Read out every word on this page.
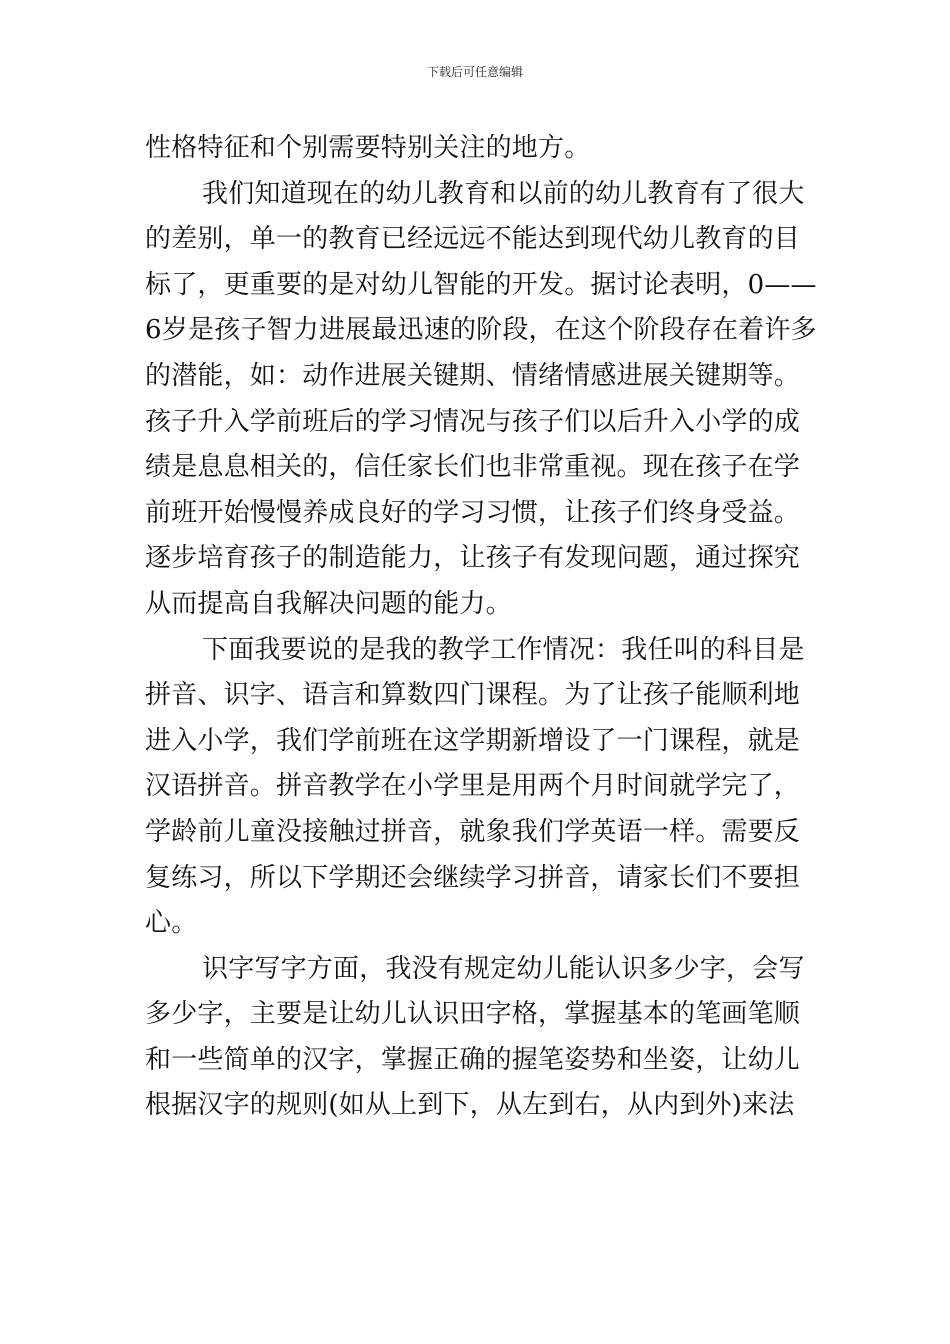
下载后可任意编辑
性格特征和个别需要特别关注的地方。
我们知道现在的幼儿教育和以前的幼儿教育有了很大
的差别，单一的教育已经远远不能达到现代幼儿教育的目
标了，更重要的是对幼儿智能的开发。据讨论表明，0——
6岁是孩子智力进展最迅速的阶段，在这个阶段存在着许多
的潜能，如：动作进展关键期、情绪情感进展关键期等。
孩子升入学前班后的学习情况与孩子们以后升入小学的成
绩是息息相关的，信任家长们也非常重视。现在孩子在学
前班开始慢慢养成良好的学习习惯，让孩子们终身受益。
逐步培育孩子的制造能力，让孩子有发现问题，通过探究
从而提高自我解决问题的能力。
下面我要说的是我的教学工作情况：我任叫的科目是
拼音、识字、语言和算数四门课程。为了让孩子能顺利地
进入小学，我们学前班在这学期新增设了一门课程，就是
汉语拼音。拼音教学在小学里是用两个月时间就学完了，
学龄前儿童没接触过拼音，就象我们学英语一样。需要反
复练习，所以下学期还会继续学习拼音，请家长们不要担
心。
识字写字方面，我没有规定幼儿能认识多少字，会写
多少字，主要是让幼儿认识田字格，掌握基本的笔画笔顺
和一些简单的汉字，掌握正确的握笔姿势和坐姿，让幼儿
根据汉字的规则(如从上到下，从左到右，从内到外)来法
